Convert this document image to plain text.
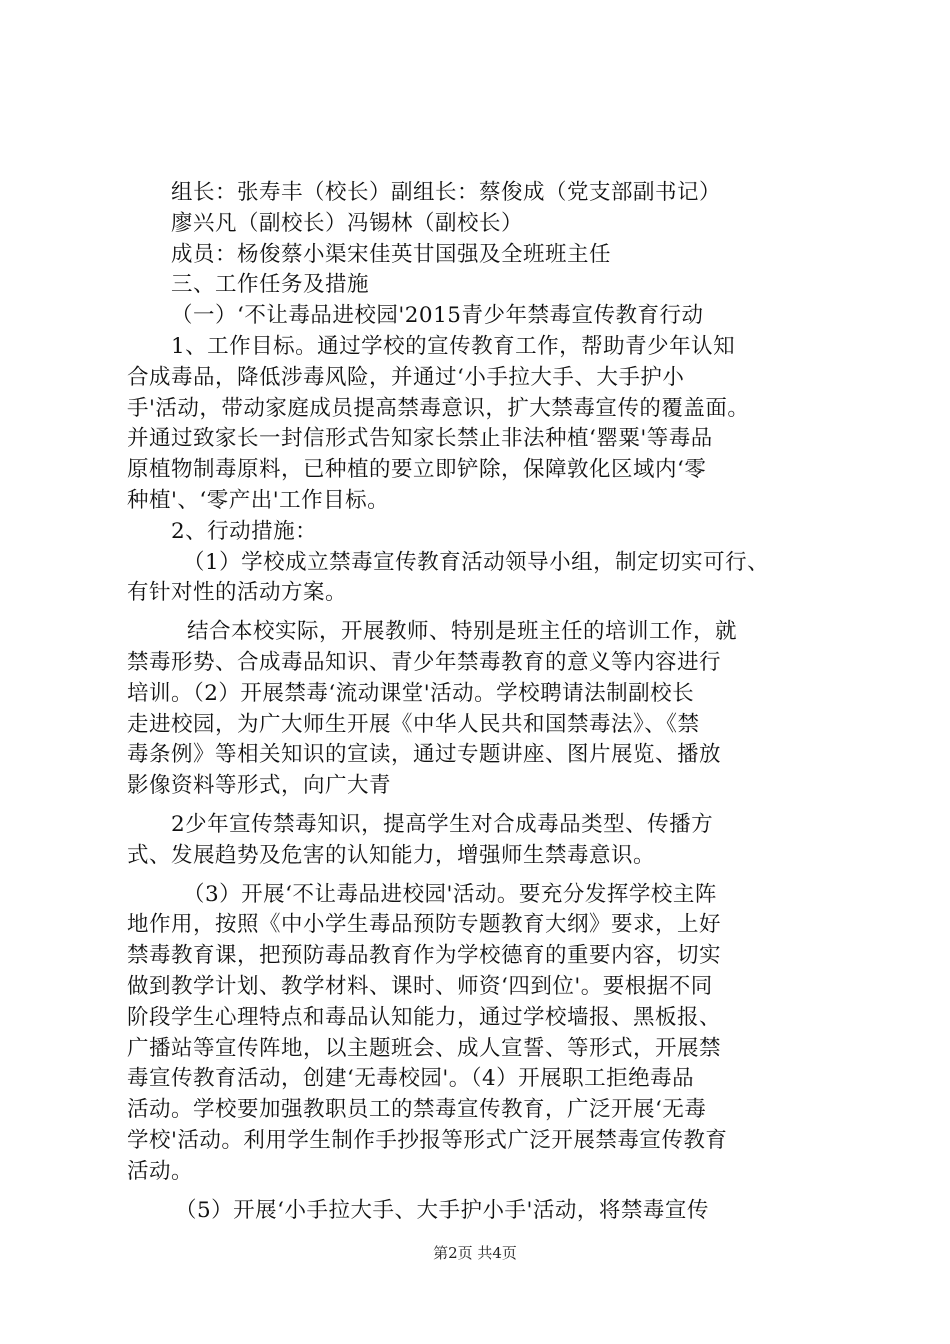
组长：张寿丰（校长）副组长：蔡俊成（党支部副书记）
廖兴凡（副校长）冯锡林（副校长）
成员：杨俊蔡小渠宋佳英甘国强及全班班主任
三、工作任务及措施
（一）‘不让毒品进校园'2015青少年禁毒宣传教育行动
1、工作目标。通过学校的宣传教育工作，帮助青少年认知
合成毒品，降低涉毒风险，并通过‘小手拉大手、大手护小
手'活动，带动家庭成员提高禁毒意识，扩大禁毒宣传的覆盖面。
并通过致家长一封信形式告知家长禁止非法种植‘罂粟'等毒品
原植物制毒原料，已种植的要立即铲除，保障敦化区域内‘零
种植'、‘零产出'工作目标。
2、行动措施：
（1）学校成立禁毒宣传教育活动领导小组，制定切实可行、
有针对性的活动方案。
结合本校实际，开展教师、特别是班主任的培训工作，就
禁毒形势、合成毒品知识、青少年禁毒教育的意义等内容进行
培训。（2）开展禁毒‘流动课堂'活动。学校聘请法制副校长
走进校园，为广大师生开展《中华人民共和国禁毒法》、《禁
毒条例》等相关知识的宣读，通过专题讲座、图片展览、播放
影像资料等形式，向广大青
2少年宣传禁毒知识，提高学生对合成毒品类型、传播方
式、发展趋势及危害的认知能力，增强师生禁毒意识。
（3）开展‘不让毒品进校园'活动。要充分发挥学校主阵
地作用，按照《中小学生毒品预防专题教育大纲》要求，上好
禁毒教育课，把预防毒品教育作为学校德育的重要内容，切实
做到教学计划、教学材料、课时、师资‘四到位'。要根据不同
阶段学生心理特点和毒品认知能力，通过学校墙报、黑板报、
广播站等宣传阵地，以主题班会、成人宣誓、等形式，开展禁
毒宣传教育活动，创建‘无毒校园'。（4）开展职工拒绝毒品
活动。学校要加强教职员工的禁毒宣传教育，广泛开展‘无毒
学校'活动。利用学生制作手抄报等形式广泛开展禁毒宣传教育
活动。
（5）开展‘小手拉大手、大手护小手'活动，将禁毒宣传
第2页 共4页
